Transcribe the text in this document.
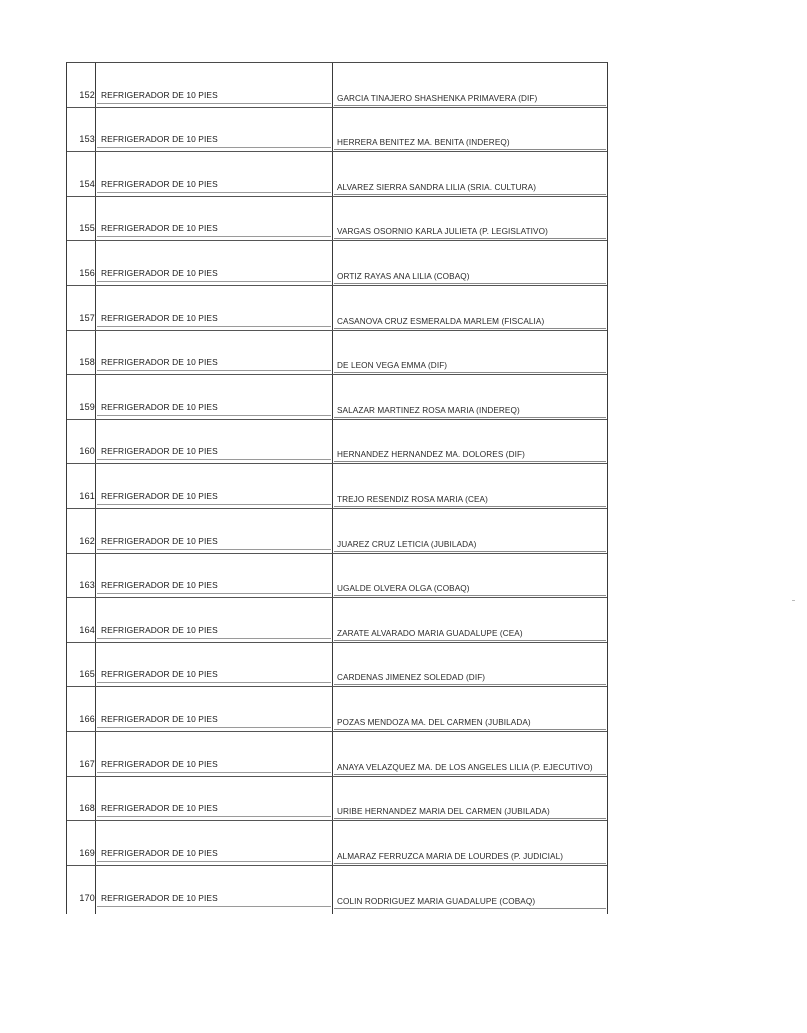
152 REFRIGERADOR DE 10 PIES	GARCIA TINAJERO SHASHENKA PRIMAVERA (DIF)
153 REFRIGERADOR DE 10 PIES	HERRERA BENITEZ MA. BENITA (INDEREQ)
154 REFRIGERADOR DE 10 PIES	ALVAREZ SIERRA SANDRA LILIA (SRIA. CULTURA)
155 REFRIGERADOR DE 10 PIES	VARGAS OSORNIO KARLA JULIETA (P. LEGISLATIVO)
156 REFRIGERADOR DE 10 PIES	ORTIZ RAYAS ANA LILIA (COBAQ)
157 REFRIGERADOR DE 10 PIES	CASANOVA CRUZ ESMERALDA MARLEM (FISCALIA)
158 REFRIGERADOR DE 10 PIES	DE LEON VEGA EMMA (DIF)
159 REFRIGERADOR DE 10 PIES	SALAZAR MARTINEZ ROSA MARIA (INDEREQ)
160 REFRIGERADOR DE 10 PIES	HERNANDEZ HERNANDEZ MA. DOLORES (DIF)
161 REFRIGERADOR DE 10 PIES	TREJO RESENDIZ ROSA MARIA (CEA)
162 REFRIGERADOR DE 10 PIES	JUAREZ CRUZ LETICIA (JUBILADA)
163 REFRIGERADOR DE 10 PIES	UGALDE OLVERA OLGA (COBAQ)
164 REFRIGERADOR DE 10 PIES	ZARATE ALVARADO MARIA GUADALUPE (CEA)
165 REFRIGERADOR DE 10 PIES	CARDENAS JIMENEZ SOLEDAD (DIF)
166 REFRIGERADOR DE 10 PIES	POZAS MENDOZA MA. DEL CARMEN (JUBILADA)
167 REFRIGERADOR DE 10 PIES	ANAYA VELAZQUEZ MA. DE LOS ANGELES LILIA (P. EJECUTIVO)
168 REFRIGERADOR DE 10 PIES	URIBE HERNANDEZ MARIA DEL CARMEN (JUBILADA)
169 REFRIGERADOR DE 10 PIES	ALMARAZ FERRUZCA MARIA DE LOURDES (P. JUDICIAL)
170 REFRIGERADOR DE 10 PIES	COLIN RODRIGUEZ MARIA GUADALUPE (COBAQ)
